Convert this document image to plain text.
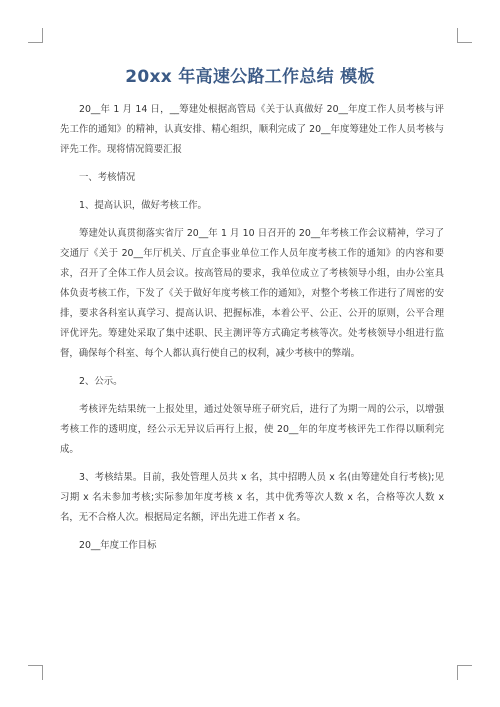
20xx 年高速公路工作总结 模板

20__年 1 月 14 日，__筹建处根据高管局《关于认真做好 20__年度工作人员考核与评先工作的通知》的精神，认真安排、精心组织，顺利完成了 20__年度筹建处工作人员考核与评先工作。现将情况简要汇报

一、考核情况

1、提高认识，做好考核工作。

筹建处认真贯彻落实省厅 20__年 1 月 10 日召开的 20__年考核工作会议精神，学习了交通厅《关于 20__年厅机关、厅直企事业单位工作人员年度考核工作的通知》的内容和要求，召开了全体工作人员会议。按高管局的要求，我单位成立了考核领导小组，由办公室具体负责考核工作，下发了《关于做好年度考核工作的通知》，对整个考核工作进行了周密的安排，要求各科室认真学习、提高认识、把握标准，本着公平、公正、公开的原则，公平合理评优评先。筹建处采取了集中述职、民主测评等方式确定考核等次。处考核领导小组进行监督，确保每个科室、每个人都认真行使自己的权利，减少考核中的弊端。

2、公示。

考核评先结果统一上报处里，通过处领导班子研究后，进行了为期一周的公示，以增强考核工作的透明度，经公示无异议后再行上报，使 20__年的年度考核评先工作得以顺利完成。

3、考核结果。目前，我处管理人员共 x 名，其中招聘人员 x 名(由筹建处自行考核);见习期 x 名未参加考核;实际参加年度考核 x 名，其中优秀等次人数 x 名，合格等次人数 x 名，无不合格人次。根据局定名额，评出先进工作者 x 名。

20__年度工作目标
